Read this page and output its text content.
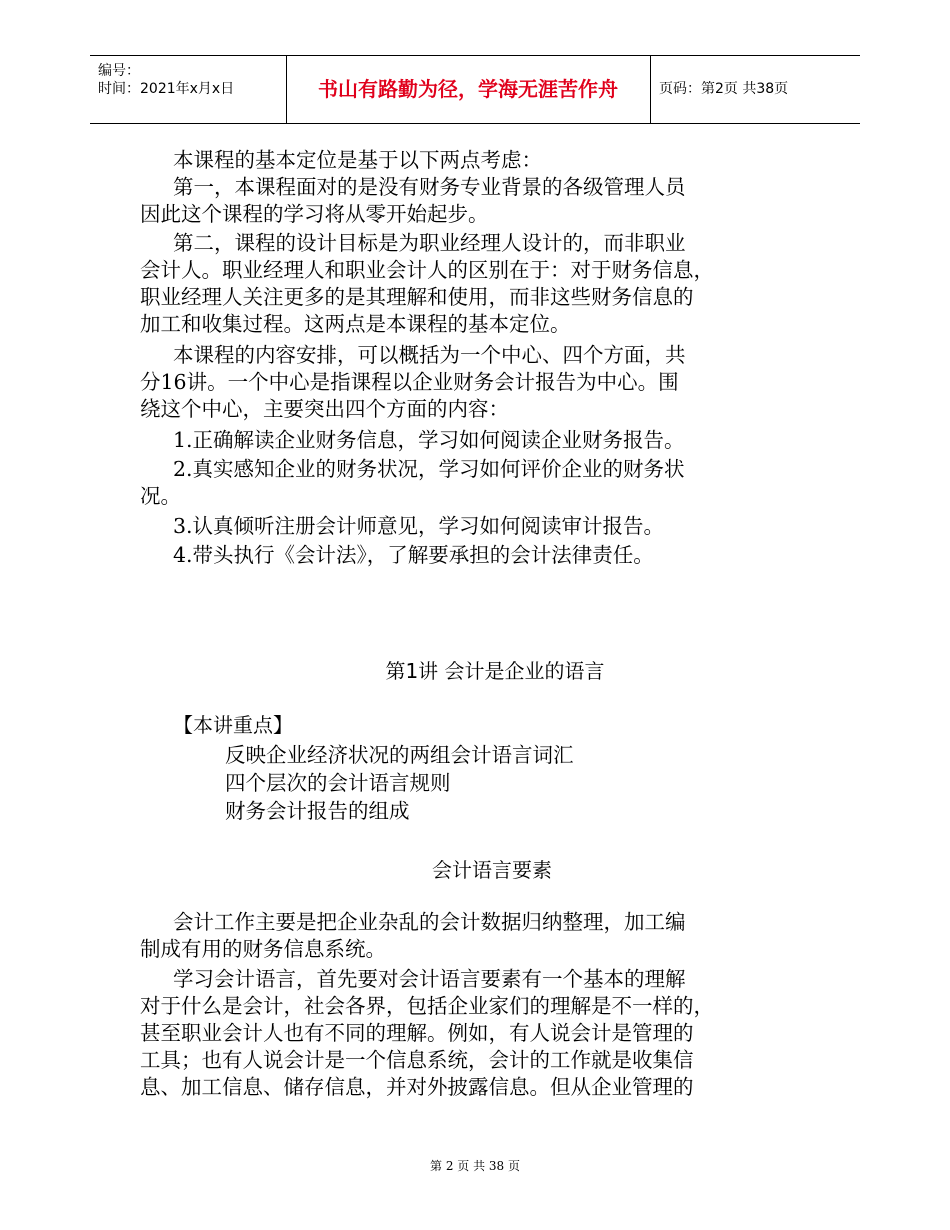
编号：
时间：2021年x月x日	书山有路勤为径，学海无涯苦作舟	页码：第2页 共38页
本课程的基本定位是基于以下两点考虑：
第一，本课程面对的是没有财务专业背景的各级管理人员
因此这个课程的学习将从零开始起步。
第二，课程的设计目标是为职业经理人设计的，而非职业
会计人。职业经理人和职业会计人的区别在于：对于财务信息，
职业经理人关注更多的是其理解和使用，而非这些财务信息的
加工和收集过程。这两点是本课程的基本定位。
本课程的内容安排，可以概括为一个中心、四个方面，共
分16讲。一个中心是指课程以企业财务会计报告为中心。围
绕这个中心，主要突出四个方面的内容：
1.正确解读企业财务信息，学习如何阅读企业财务报告。
2.真实感知企业的财务状况，学习如何评价企业的财务状
况。
3.认真倾听注册会计师意见，学习如何阅读审计报告。
4.带头执行《会计法》，了解要承担的会计法律责任。
第1讲 会计是企业的语言
【本讲重点】
反映企业经济状况的两组会计语言词汇
四个层次的会计语言规则
财务会计报告的组成
会计语言要素
会计工作主要是把企业杂乱的会计数据归纳整理，加工编
制成有用的财务信息系统。
学习会计语言，首先要对会计语言要素有一个基本的理解
对于什么是会计，社会各界，包括企业家们的理解是不一样的，
甚至职业会计人也有不同的理解。例如，有人说会计是管理的
工具；也有人说会计是一个信息系统，会计的工作就是收集信
息、加工信息、储存信息，并对外披露信息。但从企业管理的
第 2 页 共 38 页
